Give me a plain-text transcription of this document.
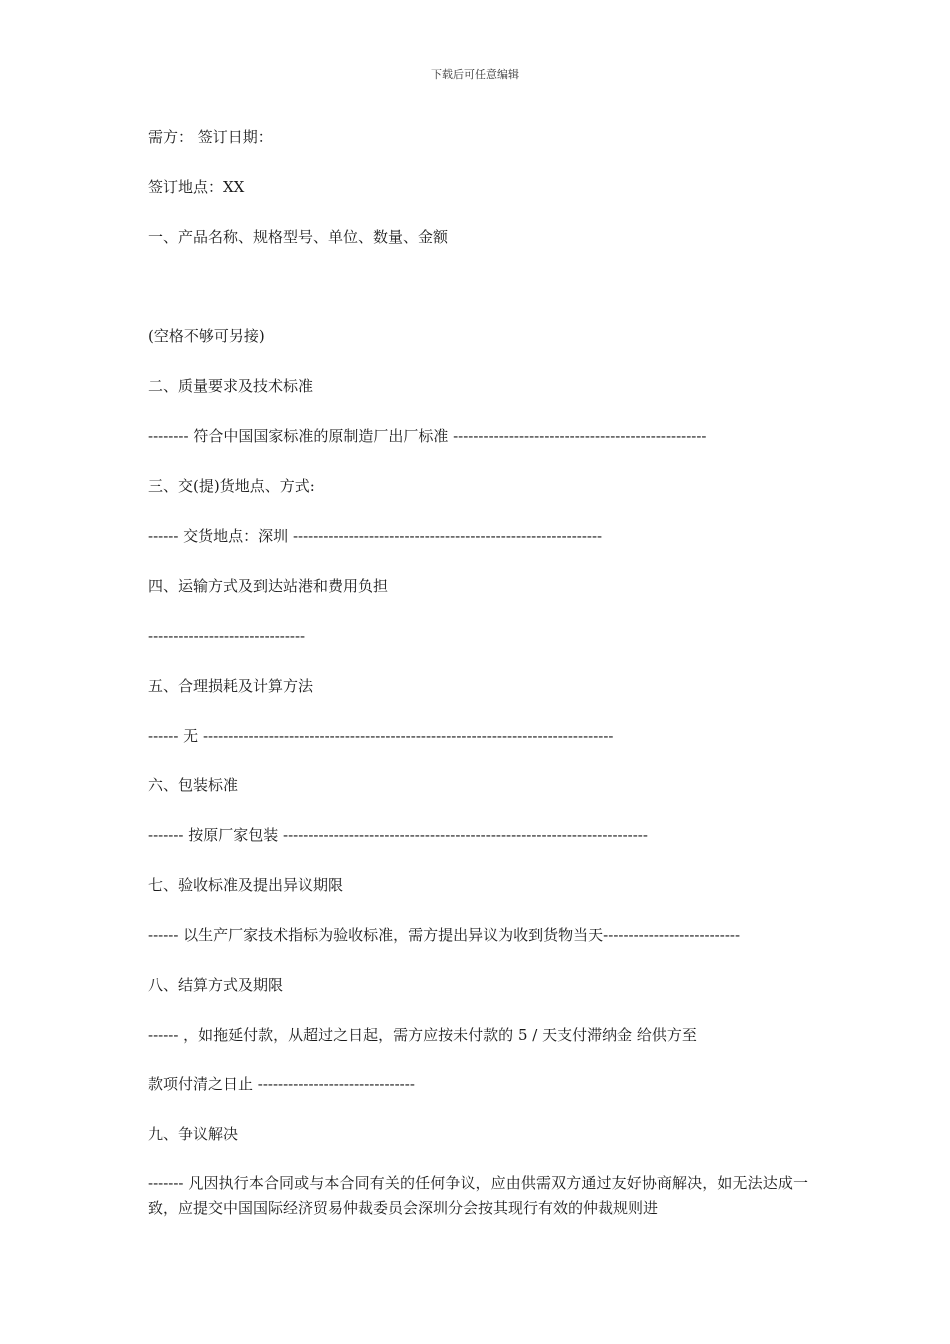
下载后可任意编辑
需方： 签订日期：
签订地点：XX
一、产品名称、规格型号、单位、数量、金额
(空格不够可另接)
二、质量要求及技术标准
-------- 符合中国国家标准的原制造厂出厂标准 --------------------------------------------------
三、交(提)货地点、方式:
------ 交货地点：深圳 -------------------------------------------------------------
四、运输方式及到达站港和费用负担
-------------------------------
五、合理损耗及计算方法
------ 无 ---------------------------------------------------------------------------------
六、包装标准
------- 按原厂家包装 ------------------------------------------------------------------------
七、验收标准及提出异议期限
------ 以生产厂家技术指标为验收标准，需方提出异议为收到货物当天---------------------------
八、结算方式及期限
------ ，如拖延付款，从超过之日起，需方应按未付款的 5 / 天支付滞纳金 给供方至
款项付清之日止 -------------------------------
九、争议解决
------- 凡因执行本合同或与本合同有关的任何争议，应由供需双方通过友好协商解决，如无法达成一致，应提交中国国际经济贸易仲裁委员会深圳分会按其现行有效的仲裁规则进
